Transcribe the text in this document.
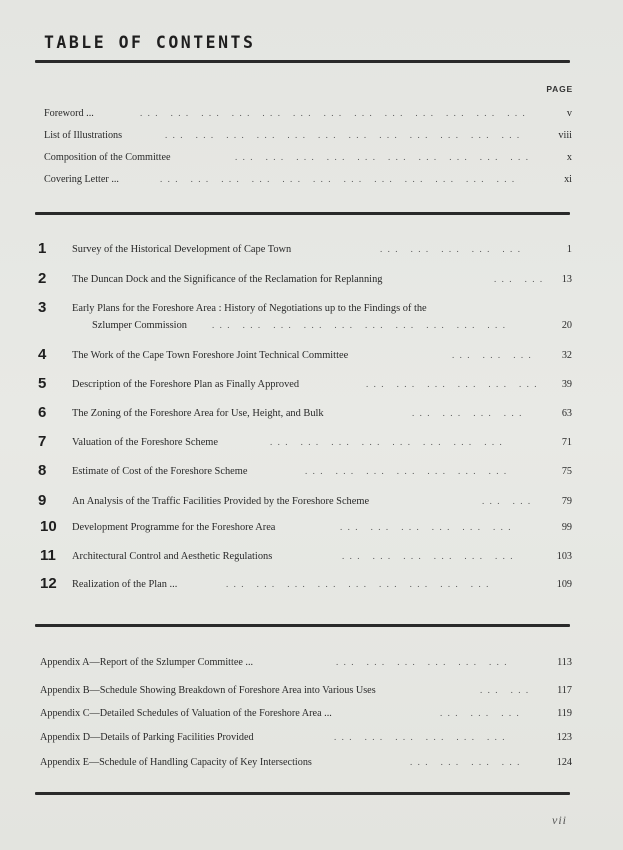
TABLE OF CONTENTS
PAGE
Foreword ...	... ... ... ... ... ... ... ... ... ... ... ... ...	v
List of Illustrations	... ... ... ... ... ... ... ... ... ... ... ...	viii
Composition of the Committee	... ... ... ... ... ... ... ... ... ...	x
Covering Letter ...	... ... ... ... ... ... ... ... ... ... ... ...	xi
1	Survey of the Historical Development of Cape Town	... ... ... ... ...	1
2	The Duncan Dock and the Significance of the Reclamation for Replanning	... ... 13
3	Early Plans for the Foreshore Area : History of Negotiations up to the Findings of the
Szlumper Commission	... ... ... ... ... ... ... ... ... ...	20
4	The Work of the Cape Town Foreshore Joint Technical Committee	... ... ...	32
5	Description of the Foreshore Plan as Finally Approved	... ... ... ... ... ... 39
6	The Zoning of the Foreshore Area for Use, Height, and Bulk	... ... ... ...	63
7	Valuation of the Foreshore Scheme	... ... ... ... ... ... ... ...	71
8	Estimate of Cost of the Foreshore Scheme	... ... ... ... ... ... ...	75
9	An Analysis of the Traffic Facilities Provided by the Foreshore Scheme	... ...	79
10	Development Programme for the Foreshore Area	... ... ... ... ... ...	99
11	Architectural Control and Aesthetic Regulations	... ... ... ... ... ...	103
12	Realization of the Plan ...	... ... ... ... ... ... ... ... ...	109
Appendix A—Report of the Szlumper Committee ...	... ... ... ... ... ...	113
Appendix B—Schedule Showing Breakdown of Foreshore Area into Various Uses	... ... 117
Appendix C—Detailed Schedules of Valuation of the Foreshore Area ...	... ... ...	119
Appendix D—Details of Parking Facilities Provided	... ... ... ... ... ...	123
Appendix E—Schedule of Handling Capacity of Key Intersections	... ... ... ...	124
vii
